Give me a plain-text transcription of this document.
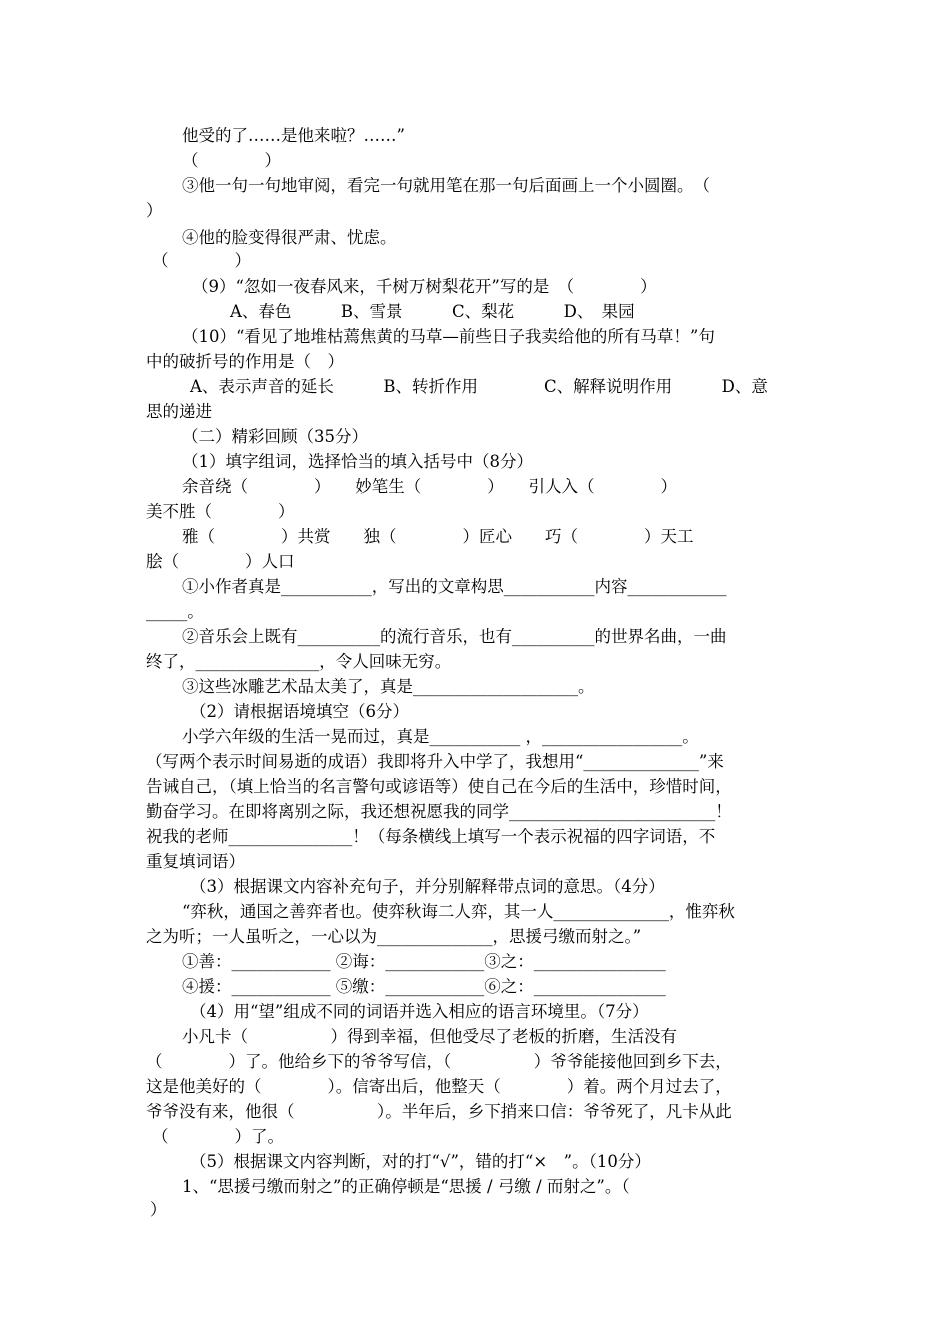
他受的了……是他来啦？……”
（　　　　）
③他一句一句地审阅，看完一句就用笔在那一句后面画上一个小圆圈。　（
）
④他的脸变得很严肃、忧虑。
（　　　　）
（9）“忽如一夜春风来，千树万树梨花开”写的是　（　　　　）
A、春色　　　B、雪景　　　C、梨花　　　D、　果园
（10）“看见了地堆枯蔫焦黄的马草—前些日子我卖给他的所有马草！”句
中的破折号的作用是（　）
A、表示声音的延长　　　B、转折作用　　　　C、解释说明作用　　　D、意
思的递进
（二）精彩回顾（35分）
（1）填字组词，选择恰当的填入括号中（8分）
余音绕（　　　　）　　妙笔生（　　　　）　　引人入（　　　　）
美不胜（　　　　）
雅（　　　　）共赏　　独（　　　　）匠心　　巧（　　　　）天工
脍（　　　　）人口
①小作者真是___________，写出的文章构思___________内容____________
_____。
②音乐会上既有__________的流行音乐，也有__________的世界名曲，一曲
终了，_______________，令人回味无穷。
③这些冰雕艺术品太美了，真是____________________。
（2）请根据语境填空（6分）
小学六年级的生活一晃而过，真是___________ ，_________________。
（写两个表示时间易逝的成语）我即将升入中学了，我想用“______________”来
告诫自己，（填上恰当的名言警句或谚语等）使自己在今后的生活中，珍惜时间，
勤奋学习。在即将离别之际，我还想祝愿我的同学_________________________！
祝我的老师_______________！（每条横线上填写一个表示祝福的四字词语，不
重复填词语）
（3）根据课文内容补充句子，并分别解释带点词的意思。（4分）
“弈秋，通国之善弈者也。使弈秋诲二人弈，其一人______________，惟弈秋
之为听；一人虽听之，一心以为______________，思援弓缴而射之。”
①善：____________ ②诲：____________③之：________________
④援：____________ ⑤缴：____________⑥之：________________
（4）用“望”组成不同的词语并选入相应的语言环境里。（7分）
小凡卡（　　　　　）得到幸福，但他受尽了老板的折磨，生活没有
（　　　　）了。他给乡下的爷爷写信，（　　　　　）爷爷能接他回到乡下去，
这是他美好的（　　　　）。信寄出后，他整天（　　　　）着。两个月过去了，
爷爷没有来，他很（　　　　　）。半年后，乡下捎来口信：爷爷死了，凡卡从此
（　　　　）了。
（5）根据课文内容判断，对的打“√”，错的打“×　”。（10分）
1、“思援弓缴而射之”的正确停顿是“思援 / 弓缴 / 而射之”。（
）
